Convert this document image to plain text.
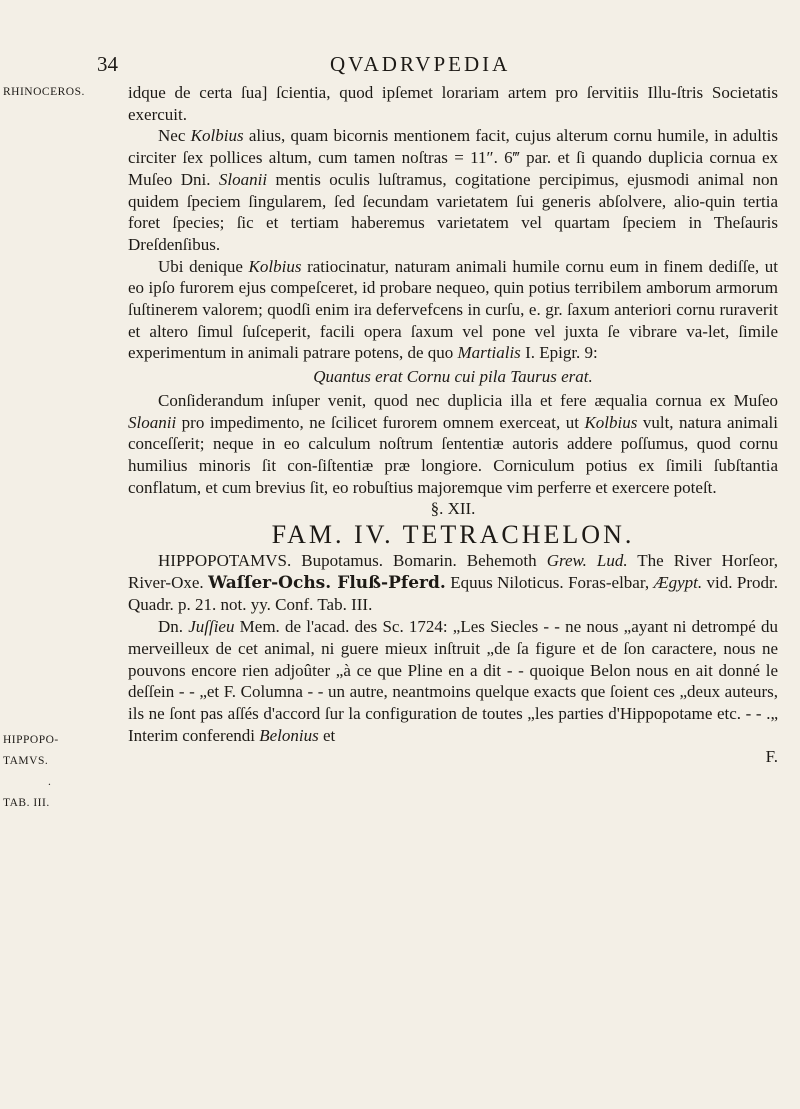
34	QVADRVPEDIA
RHINOCEROS.
HIPPOPO-
TAMVS.
.
TAB. III.

idque de certa ſua] ſcientia, quod ipſemet lorariam artem pro ſervitiis Illu-ſtris Societatis exercuit.

Nec Kolbius alius, quam bicornis mentionem facit, cujus alterum cornu humile, in adultis circiter ſex pollices altum, cum tamen noſtras = 11″. 6‴ par. et ſi quando duplicia cornua ex Muſeo Dni. Sloanii mentis oculis luſtramus, cogitatione percipimus, ejusmodi animal non quidem ſpeciem ſingularem, ſed ſecundam varietatem ſui generis abſolvere, alio-quin tertia foret ſpecies; ſic et tertiam haberemus varietatem vel quartam ſpeciem in Theſauris Dreſdenſibus.

Ubi denique Kolbius ratiocinatur, naturam animali humile cornu eum in finem dediſſe, ut eo ipſo furorem ejus compeſceret, id probare nequeo, quin potius terribilem amborum armorum ſuſtinerem valorem; quodſi enim ira defervefcens in curſu, e. gr. ſaxum anteriori cornu ruraverit et altero ſimul ſuſceperit, facili opera ſaxum vel pone vel juxta ſe vibrare va-let, ſimile experimentum in animali patrare potens, de quo Martialis I. Epigr. 9:

Quantus erat Cornu cui pila Taurus erat.

Conſiderandum inſuper venit, quod nec duplicia illa et fere æqualia cornua ex Muſeo Sloanii pro impedimento, ne ſcilicet furorem omnem exerceat, ut Kolbius vult, natura animali conceſſerit; neque in eo calculum noſtrum ſententiæ autoris addere poſſumus, quod cornu humilius minoris ſit con-ſiſtentiæ præ longiore. Corniculum potius ex ſimili ſubſtantia conflatum, et cum brevius ſit, eo robuſtius majoremque vim perferre et exercere poteſt.

§. XII.

FAM. IV. TETRACHELON.

HIPPOPOTAMVS. Bupotamus. Bomarin. Behemoth Grew. Lud. The River Horſeor, River-Oxe. Waſſer-Ochs. Fluß-Pferd. Equus Niloticus. Foras-elbar, Ægypt. vid. Prodr. Quadr. p. 21. not. yy. Conf. Tab. III.

Dn. Juſſieu Mem. de l'acad. des Sc. 1724: „Les Siecles - - ne nous „ayant ni detrompé du merveilleux de cet animal, ni guere mieux inſtruit „de ſa figure et de ſon caractere, nous ne pouvons encore rien adjoûter „à ce que Pline en a dit - - quoique Belon nous en ait donné le deſſein - - „et F. Columna - - un autre, neantmoins quelque exacts que ſoient ces „deux auteurs, ils ne ſont pas aſſés d'accord ſur la configuration de toutes „les parties d'Hippopotame etc. - - .„ Interim conferendi Belonius et

F.
